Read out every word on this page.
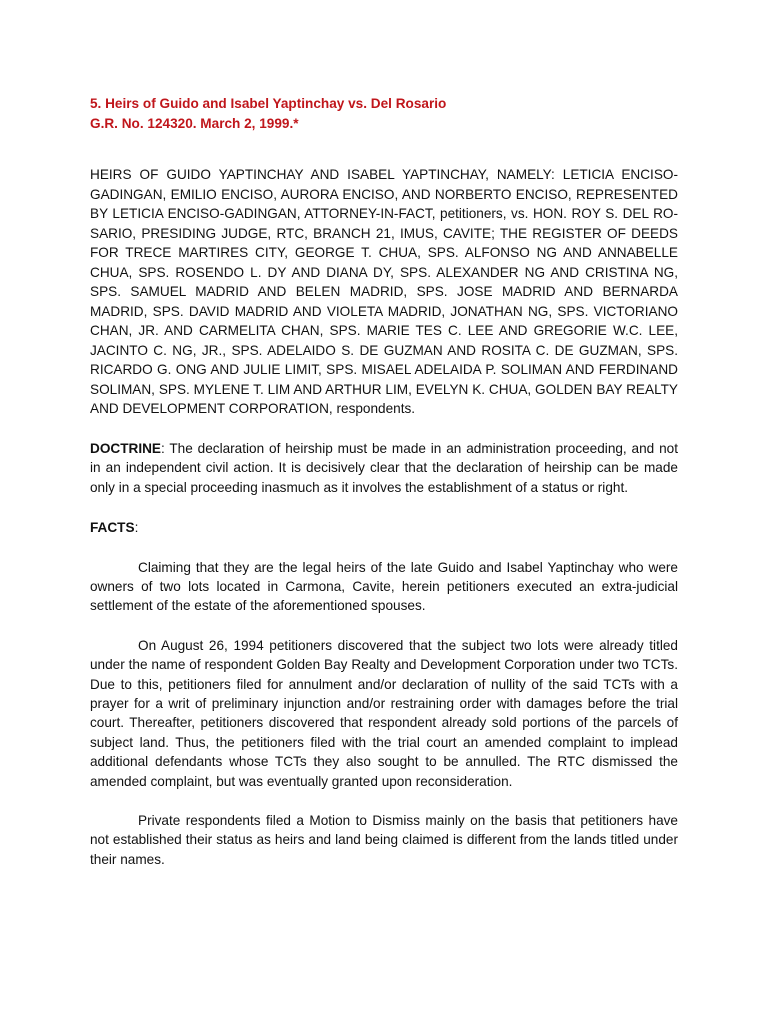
5. Heirs of Guido and Isabel Yaptinchay vs. Del Rosario
G.R. No. 124320. March 2, 1999.*

HEIRS OF GUIDO YAPTINCHAY AND ISABEL YAPTINCHAY, NAMELY: LETICIA ENCISO-GADINGAN, EMILIO ENCISO, AURORA ENCISO, AND NORBERTO ENCISO, REPRESENTED BY LETICIA ENCISO-GADINGAN, ATTORNEY-IN-FACT, petitioners, vs. HON. ROY S. DEL RO-SARIO, PRESIDING JUDGE, RTC, BRANCH 21, IMUS, CAVITE; THE REGISTER OF DEEDS FOR TRECE MARTIRES CITY, GEORGE T. CHUA, SPS. ALFONSO NG AND ANNABELLE CHUA, SPS. ROSENDO L. DY AND DIANA DY, SPS. ALEXANDER NG AND CRISTINA NG, SPS. SAMUEL MADRID AND BELEN MADRID, SPS. JOSE MADRID AND BERNARDA MADRID, SPS. DAVID MADRID AND VIOLETA MADRID, JONATHAN NG, SPS. VICTORIANO CHAN, JR. AND CARMELITA CHAN, SPS. MARIE TES C. LEE AND GREGORIE W.C. LEE, JACINTO C. NG, JR., SPS. ADELAIDO S. DE GUZMAN AND ROSITA C. DE GUZMAN, SPS. RICARDO G. ONG AND JULIE LIMIT, SPS. MISAEL ADELAIDA P. SOLIMAN AND FERDINAND SOLIMAN, SPS. MYLENE T. LIM AND ARTHUR LIM, EVELYN K. CHUA, GOLDEN BAY REALTY AND DEVELOPMENT CORPORATION, respondents.

DOCTRINE: The declaration of heirship must be made in an administration proceeding, and not in an independent civil action. It is decisively clear that the declaration of heirship can be made only in a special proceeding inasmuch as it involves the establishment of a status or right.

FACTS:

Claiming that they are the legal heirs of the late Guido and Isabel Yaptinchay who were owners of two lots located in Carmona, Cavite, herein petitioners executed an extra-judicial settlement of the estate of the aforementioned spouses.

On August 26, 1994 petitioners discovered that the subject two lots were already titled under the name of respondent Golden Bay Realty and Development Corporation under two TCTs. Due to this, petitioners filed for annulment and/or declaration of nullity of the said TCTs with a prayer for a writ of preliminary injunction and/or restraining order with damages before the trial court. Thereafter, petitioners discovered that respondent already sold portions of the parcels of subject land. Thus, the petitioners filed with the trial court an amended complaint to implead additional defendants whose TCTs they also sought to be annulled. The RTC dismissed the amended complaint, but was eventually granted upon reconsideration.

Private respondents filed a Motion to Dismiss mainly on the basis that petitioners have not established their status as heirs and land being claimed is different from the lands titled under their names.
